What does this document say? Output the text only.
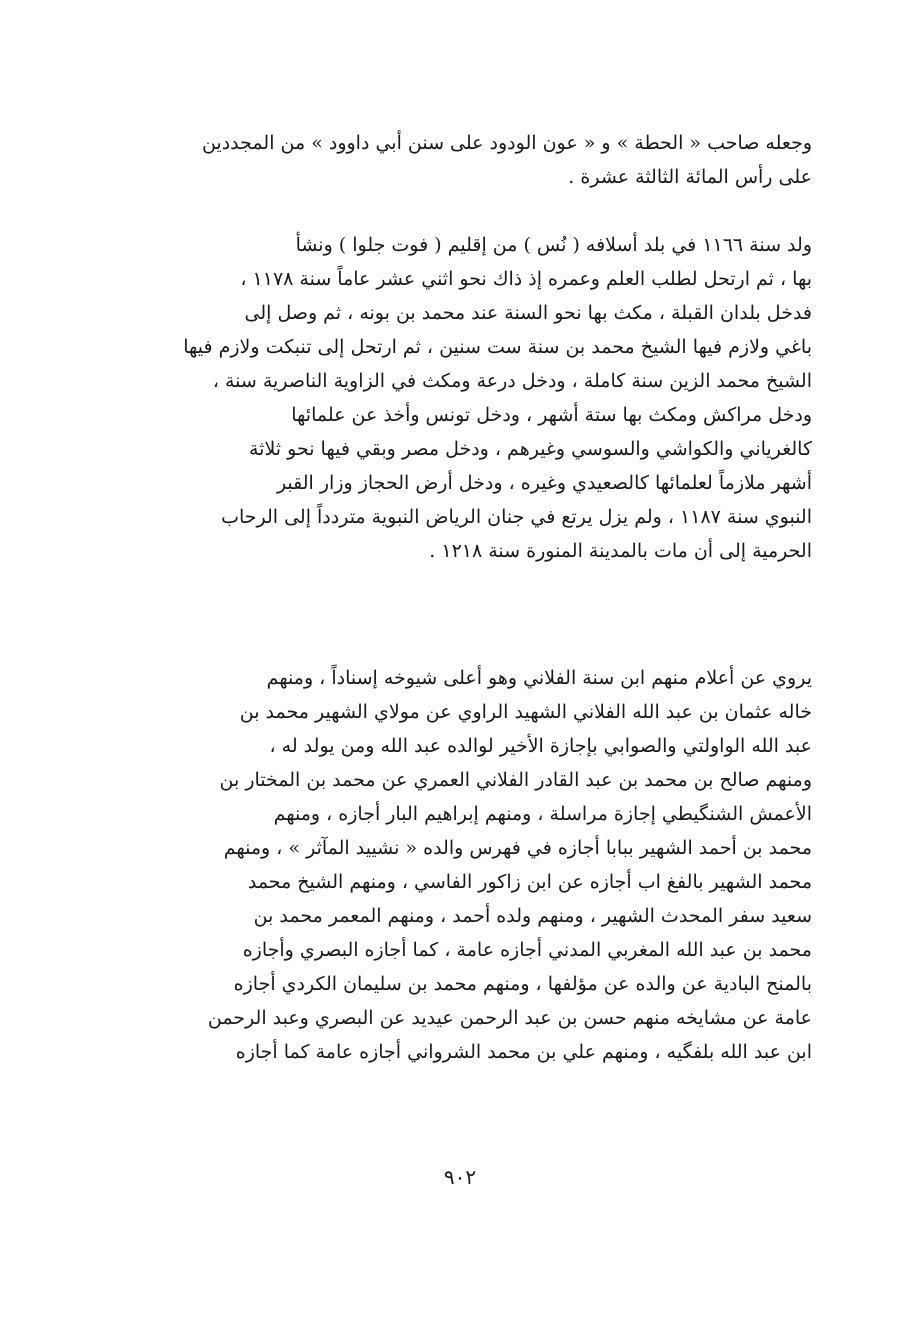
وجعله صاحب « الحطة » و « عون الودود على سنن أبي داوود » من المجددين
على رأس المائة الثالثة عشرة .
ولد سنة ١١٦٦ في بلد أسلافه ( نُس ) من إقليم ( فوت جلوا ) ونشأ
بها ، ثم ارتحل لطلب العلم وعمره إذ ذاك نحو اثني عشر عاماً سنة ١١٧٨ ،
فدخل بلدان القبلة ، مكث بها نحو السنة عند محمد بن بونه ، ثم وصل إلى
باغي ولازم فيها الشيخ محمد بن سنة ست سنين ، ثم ارتحل إلى تنبكت ولازم فيها
الشيخ محمد الزين سنة كاملة ، ودخل درعة ومكث في الزاوية الناصرية سنة ،
ودخل مراكش ومكث بها ستة أشهر ، ودخل تونس وأخذ عن علمائها
كالغرياني والكواشي والسوسي وغيرهم ، ودخل مصر وبقي فيها نحو ثلاثة
أشهر ملازماً لعلمائها كالصعيدي وغيره ، ودخل أرض الحجاز وزار القبر
النبوي سنة ١١٨٧ ، ولم يزل يرتع في جنان الرياض النبوية متردداً إلى الرحاب
الحرمية إلى أن مات بالمدينة المنورة سنة ١٢١٨ .
يروي عن أعلام منهم ابن سنة الفلاني وهو أعلى شيوخه إسناداً ، ومنهم
خاله عثمان بن عبد الله الفلاني الشهيد الراوي عن مولاي الشهير محمد بن
عبد الله الواولتي والصوابي بإجازة الأخير لوالده عبد الله ومن يولد له ،
ومنهم صالح بن محمد بن عبد القادر الفلاني العمري عن محمد بن المختار بن
الأعمش الشنگيطي إجازة مراسلة ، ومنهم إبراهيم البار أجازه ، ومنهم
محمد بن أحمد الشهير ببابا أجازه في فهرس والده « نشييد المآثر » ، ومنهم
محمد الشهير بالفغ اب أجازه عن ابن زاكور الفاسي ، ومنهم الشيخ محمد
سعيد سفر المحدث الشهير ، ومنهم ولده أحمد ، ومنهم المعمر محمد بن
محمد بن عبد الله المغربي المدني أجازه عامة ، كما أجازه البصري وأجازه
بالمنح البادية عن والده عن مؤلفها ، ومنهم محمد بن سليمان الكردي أجازه
عامة عن مشايخه منهم حسن بن عبد الرحمن عيديد عن البصري وعبد الرحمن
ابن عبد الله بلفگيه ، ومنهم علي بن محمد الشرواني أجازه عامة كما أجازه
٩٠٢
